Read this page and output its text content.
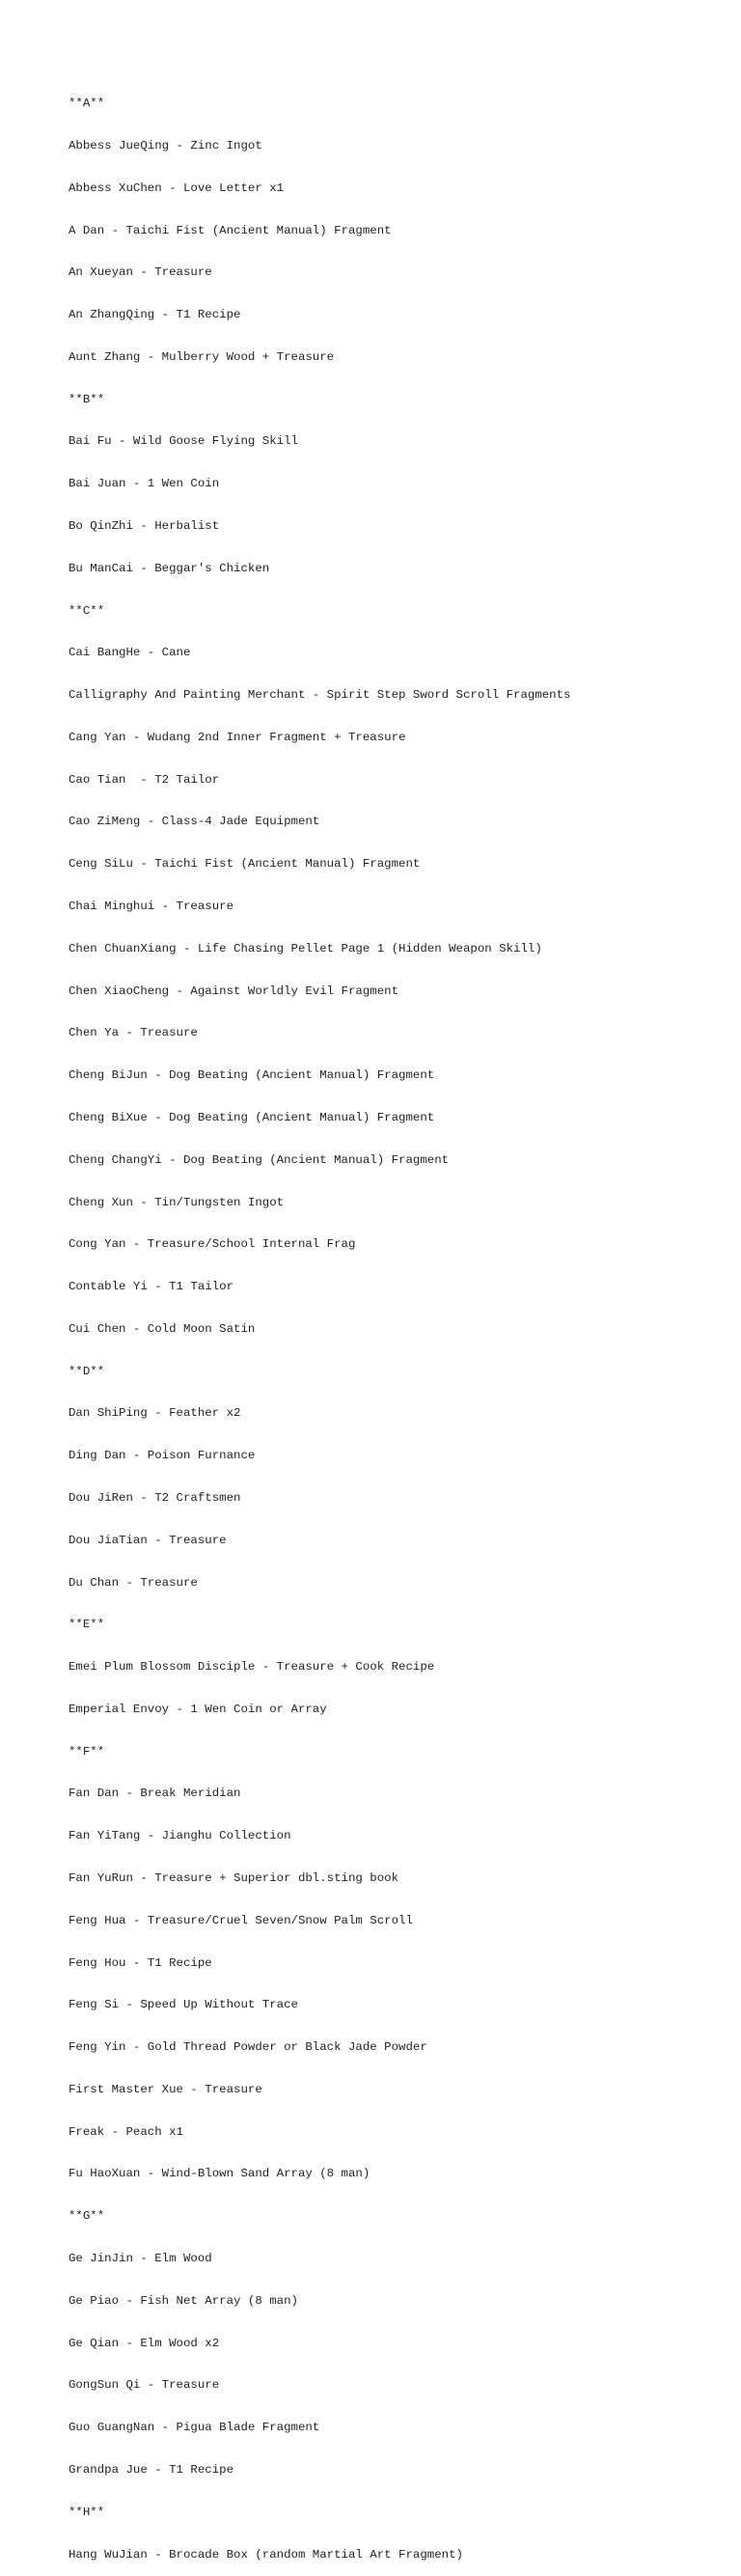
**A**

Abbess JueQing - Zinc Ingot

Abbess XuChen - Love Letter x1

A Dan - Taichi Fist (Ancient Manual) Fragment

An Xueyan - Treasure

An ZhangQing - T1 Recipe

Aunt Zhang - Mulberry Wood + Treasure

**B**

Bai Fu - Wild Goose Flying Skill

Bai Juan - 1 Wen Coin

Bo QinZhi - Herbalist

Bu ManCai - Beggar's Chicken

**C**

Cai BangHe - Cane

Calligraphy And Painting Merchant - Spirit Step Sword Scroll Fragments

Cang Yan - Wudang 2nd Inner Fragment + Treasure

Cao Tian  - T2 Tailor

Cao ZiMeng - Class-4 Jade Equipment

Ceng SiLu - Taichi Fist (Ancient Manual) Fragment

Chai Minghui - Treasure

Chen ChuanXiang - Life Chasing Pellet Page 1 (Hidden Weapon Skill)

Chen XiaoCheng - Against Worldly Evil Fragment

Chen Ya - Treasure

Cheng BiJun - Dog Beating (Ancient Manual) Fragment

Cheng BiXue - Dog Beating (Ancient Manual) Fragment

Cheng ChangYi - Dog Beating (Ancient Manual) Fragment

Cheng Xun - Tin/Tungsten Ingot

Cong Yan - Treasure/School Internal Frag

Contable Yi - T1 Tailor

Cui Chen - Cold Moon Satin

**D**

Dan ShiPing - Feather x2

Ding Dan - Poison Furnance

Dou JiRen - T2 Craftsmen

Dou JiaTian - Treasure

Du Chan - Treasure

**E**

Emei Plum Blossom Disciple - Treasure + Cook Recipe

Emperial Envoy - 1 Wen Coin or Array

**F**

Fan Dan - Break Meridian

Fan YiTang - Jianghu Collection

Fan YuRun - Treasure + Superior dbl.sting book

Feng Hua - Treasure/Cruel Seven/Snow Palm Scroll

Feng Hou - T1 Recipe

Feng Si - Speed Up Without Trace

Feng Yin - Gold Thread Powder or Black Jade Powder

First Master Xue - Treasure

Freak - Peach x1

Fu HaoXuan - Wind-Blown Sand Array (8 man)

**G**

Ge JinJin - Elm Wood

Ge Piao - Fish Net Array (8 man)

Ge Qian - Elm Wood x2

GongSun Qi - Treasure

Guo GuangNan - Pigua Blade Fragment

Grandpa Jue - T1 Recipe

**H**

Hang WuJian - Brocade Box (random Martial Art Fragment)
